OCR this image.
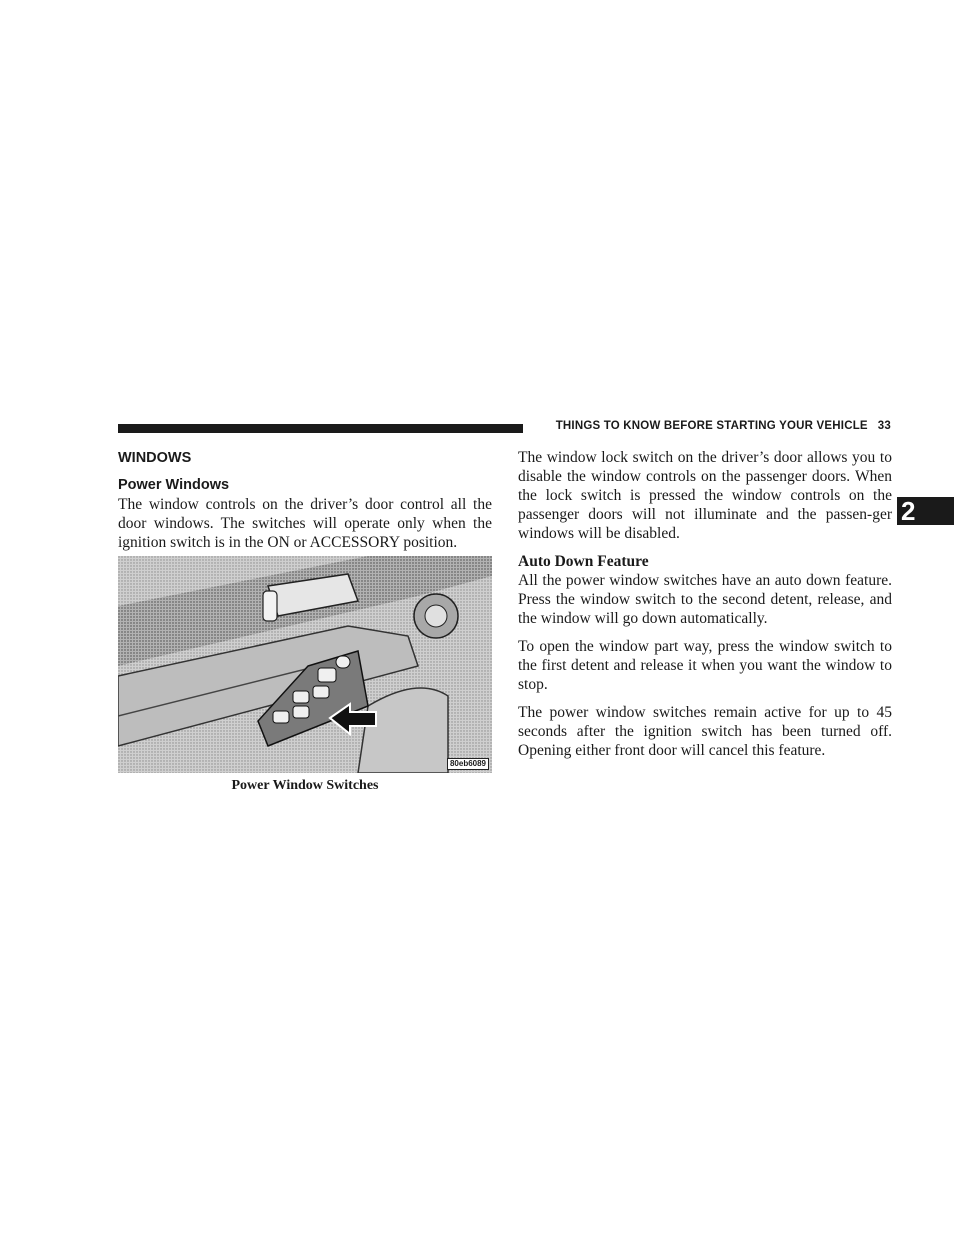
THINGS TO KNOW BEFORE STARTING YOUR VEHICLE 33
2
WINDOWS
Power Windows

The window controls on the driver’s door control all the door windows. The switches will operate only when the ignition switch is in the ON or ACCESSORY position.

80eb6089
Power Window Switches

The window lock switch on the driver’s door allows you to disable the window controls on the passenger doors. When the lock switch is pressed the window controls on the passenger doors will not illuminate and the passen-ger windows will be disabled.

Auto Down Feature

All the power window switches have an auto down feature. Press the window switch to the second detent, release, and the window will go down automatically.

To open the window part way, press the window switch to the first detent and release it when you want the window to stop.

The power window switches remain active for up to 45 seconds after the ignition switch has been turned off. Opening either front door will cancel this feature.
